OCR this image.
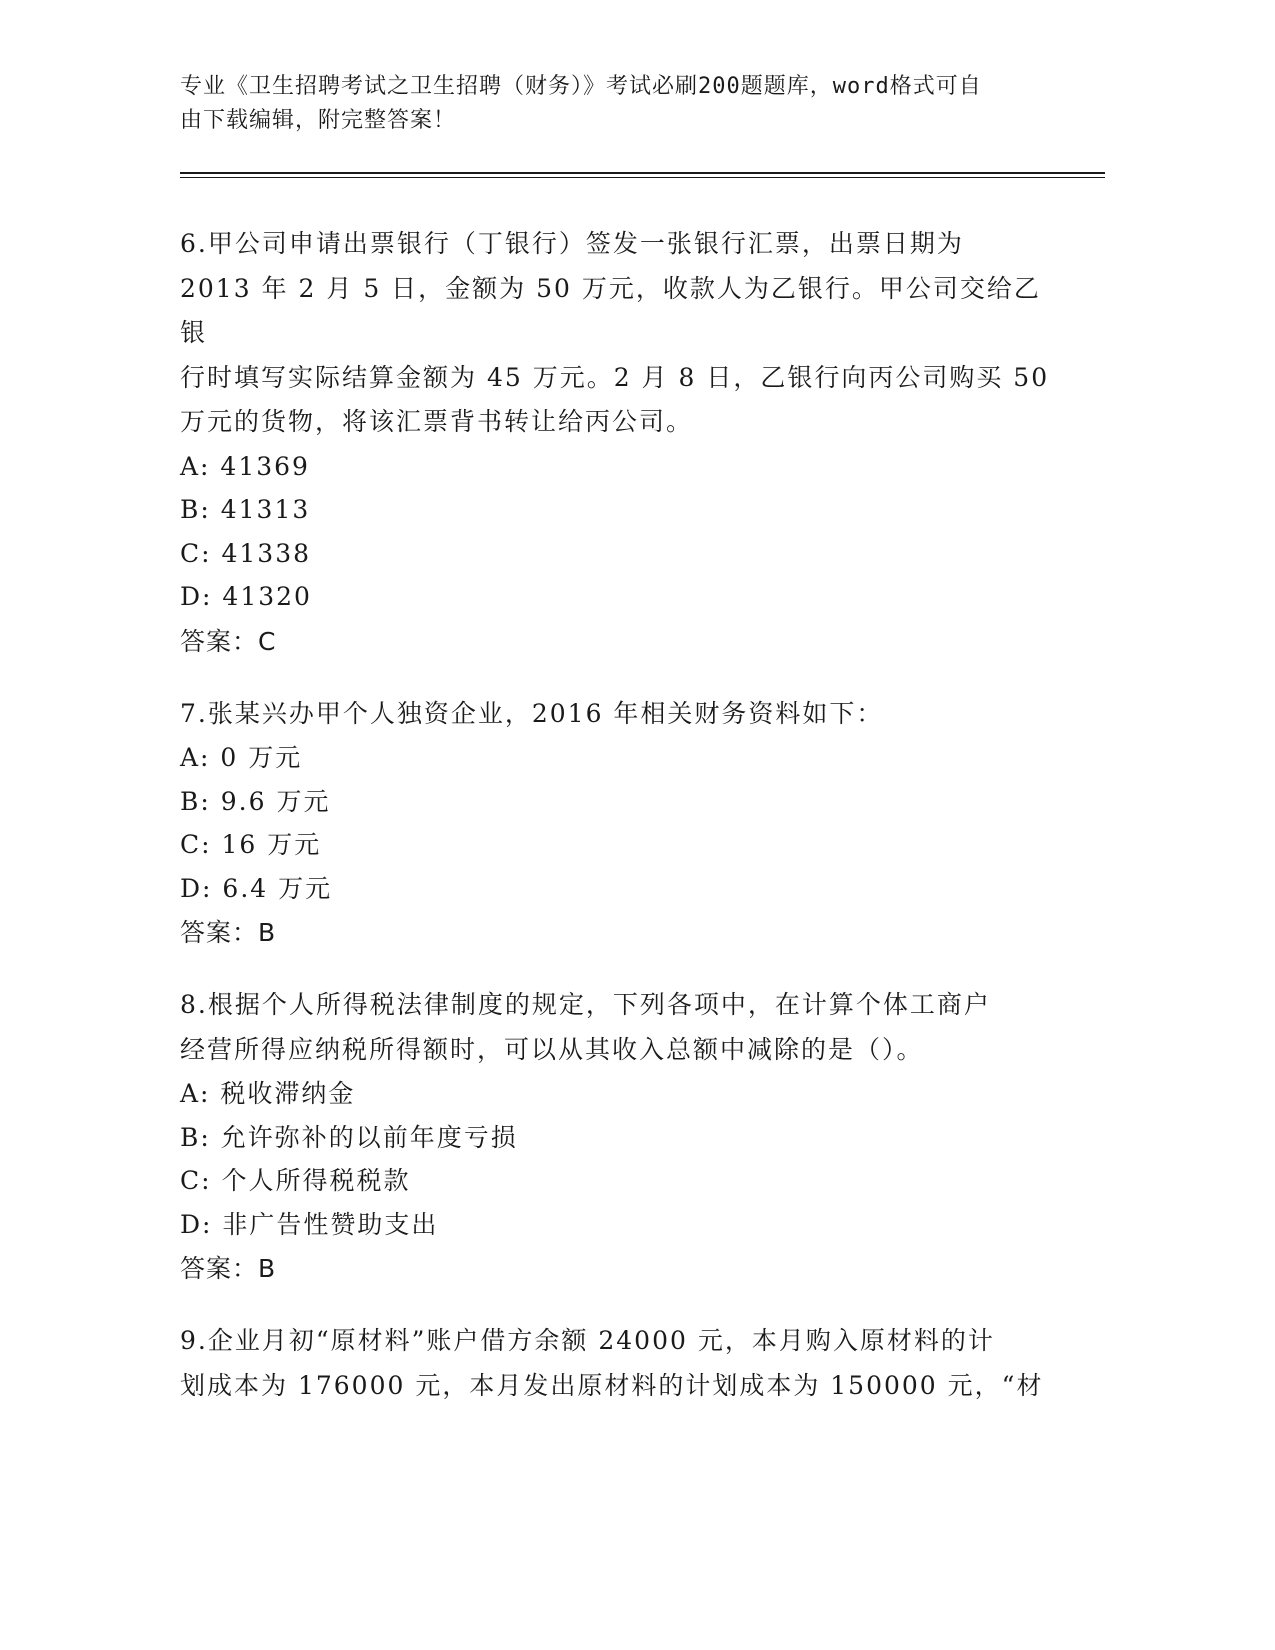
专业《卫生招聘考试之卫生招聘（财务）》考试必刷200题题库，word格式可自
由下载编辑，附完整答案！

6.甲公司申请出票银行（丁银行）签发一张银行汇票，出票日期为

2013 年 2 月 5 日，金额为 50 万元，收款人为乙银行。甲公司交给乙银

行时填写实际结算金额为 45 万元。2 月 8 日，乙银行向丙公司购买 50

万元的货物，将该汇票背书转让给丙公司。

A: 41369

B: 41313

C: 41338

D: 41320

答案：C

7.张某兴办甲个人独资企业，2016 年相关财务资料如下：

A: 0 万元

B: 9.6 万元

C: 16 万元

D: 6.4 万元

答案：B

8.根据个人所得税法律制度的规定，下列各项中，在计算个体工商户

经营所得应纳税所得额时，可以从其收入总额中减除的是（）。

A: 税收滞纳金

B: 允许弥补的以前年度亏损

C: 个人所得税税款

D: 非广告性赞助支出

答案：B

9.企业月初“原材料”账户借方余额 24000 元，本月购入原材料的计

划成本为 176000 元，本月发出原材料的计划成本为 150000 元，“材
